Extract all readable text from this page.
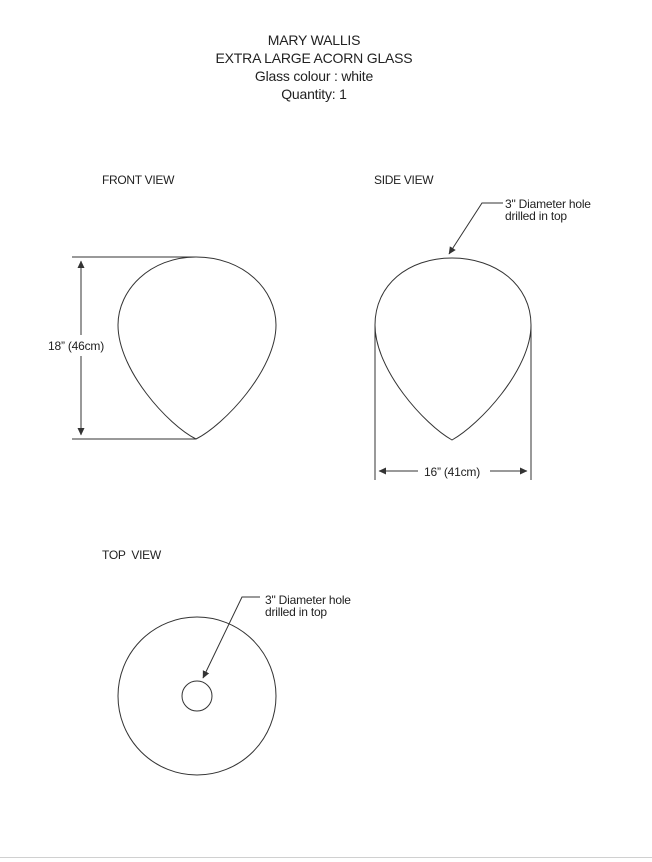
MARY WALLIS
EXTRA LARGE ACORN GLASS
Glass colour : white
Quantity: 1
FRONT VIEW	SIDE VIEW
TOP  VIEW
18” (46cm)
16” (41cm)
3" Diameter hole
drilled in top
3" Diameter hole
drilled in top
